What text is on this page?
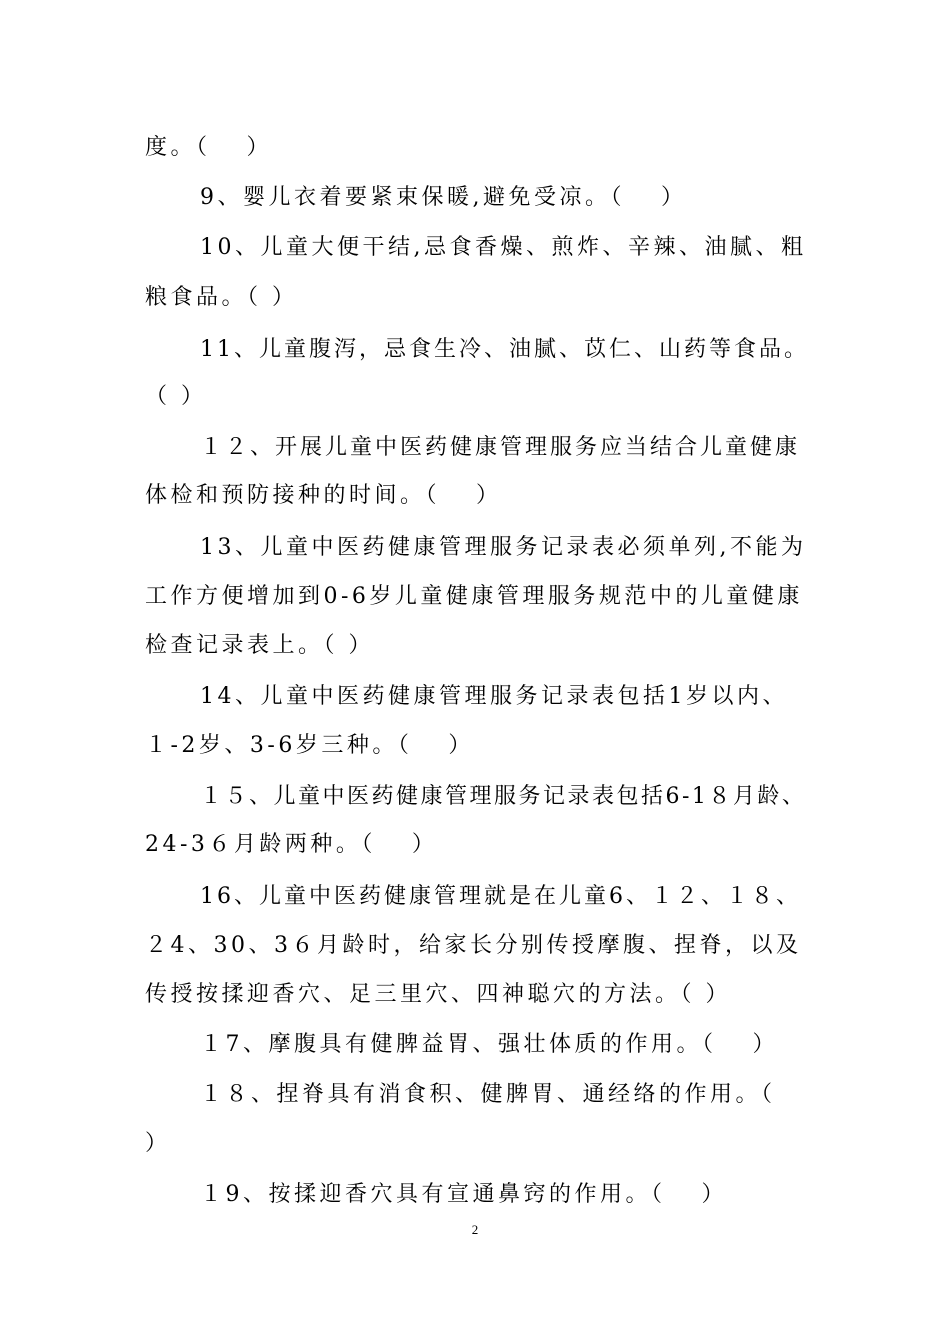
度。（　 ）
9、婴儿衣着要紧束保暖,避免受凉。（　 ）
10、儿童大便干结,忌食香燥、煎炸、辛辣、油腻、粗
粮食品。（ ）
11、儿童腹泻，忌食生冷、油腻、苡仁、山药等食品。
（ ）
１２、开展儿童中医药健康管理服务应当结合儿童健康
体检和预防接种的时间。（　 ）
13、儿童中医药健康管理服务记录表必须单列,不能为
工作方便增加到0-6岁儿童健康管理服务规范中的儿童健康
检查记录表上。（ ）
14、儿童中医药健康管理服务记录表包括1岁以内、
１-2岁、3-6岁三种。（　 ）
１５、儿童中医药健康管理服务记录表包括6-1８月龄、
24-3６月龄两种。（　 ）
16、儿童中医药健康管理就是在儿童6、１２、１８、
２4、30、3６月龄时，给家长分别传授摩腹、捏脊，以及
传授按揉迎香穴、足三里穴、四神聪穴的方法。（ ）
１7、摩腹具有健脾益胃、强壮体质的作用。（　 ）
１８、捏脊具有消食积、健脾胃、通经络的作用。（
）
１9、按揉迎香穴具有宣通鼻窍的作用。（　 ）
2
